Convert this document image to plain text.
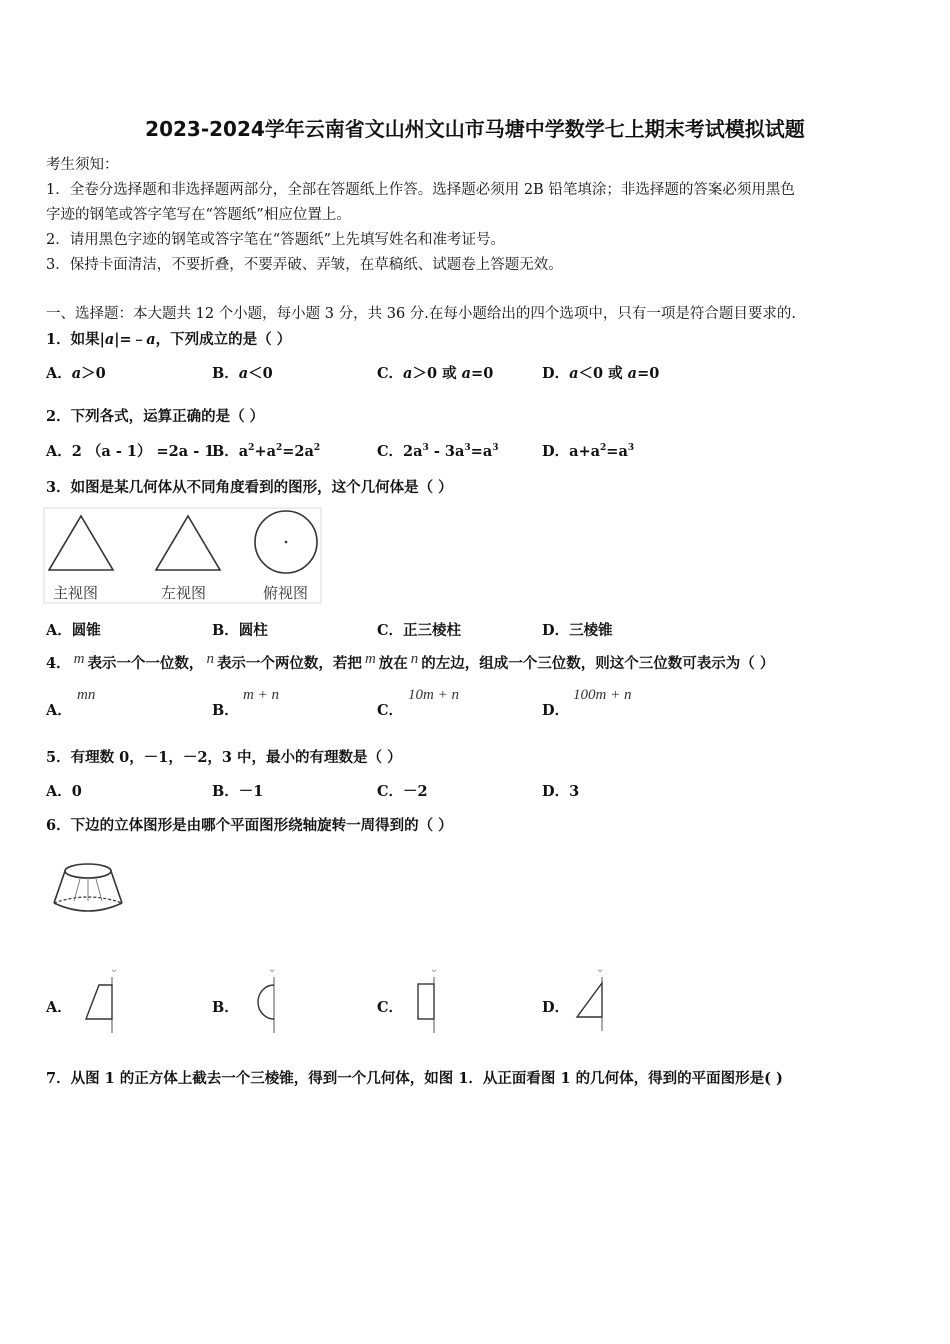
2023-2024学年云南省文山州文山市马塘中学数学七上期末考试模拟试题
考生须知：
1．全卷分选择题和非选择题两部分，全部在答题纸上作答。选择题必须用 2B 铅笔填涂；非选择题的答案必须用黑色
字迹的钢笔或答字笔写在“答题纸”相应位置上。
2．请用黑色字迹的钢笔或答字笔在“答题纸”上先填写姓名和准考证号。
3．保持卡面清洁，不要折叠，不要弄破、弄皱，在草稿纸、试题卷上答题无效。
一、选择题：本大题共 12 个小题，每小题 3 分，共 36 分.在每小题给出的四个选项中，只有一项是符合题目要求的.
1．如果|a|=﹣a，下列成立的是（ ）
A．a＞0	B．a＜0	C．a＞0 或 a=0	D．a＜0 或 a=0
2．下列各式，运算正确的是（ ）
A．2 （a - 1） =2a - 1
B．$a^2+a^2=2a^2$	C．$2a^3 - 3a^3=a^3$	D．$a+a^2=a^3$
3．如图是某几何体从不同角度看到的图形，这个几何体是（ ）
主视图	左视图	俯视图
A．圆锥	B．圆柱	C．正三棱柱	D．三棱锥
4． m 表示一个一位数， n 表示一个两位数，若把 m 放在 n 的左边，组成一个三位数，则这个三位数可表示为（ ）
A．
mn
B．
m + n
C．
10m + n
D．
100m + n
5．有理数 0，－1，－2，3 中，最小的有理数是（ ）
A．0	B．－1	C．－2	D．3
6．下边的立体图形是由哪个平面图形绕轴旋转一周得到的（ ）
A．
ᵕ
B．
ᵕ
C．
ᵕ
D．
ᵕ
7．从图 1 的正方体上截去一个三棱锥，得到一个几何体，如图 1．从正面看图 1 的几何体，得到的平面图形是( )
